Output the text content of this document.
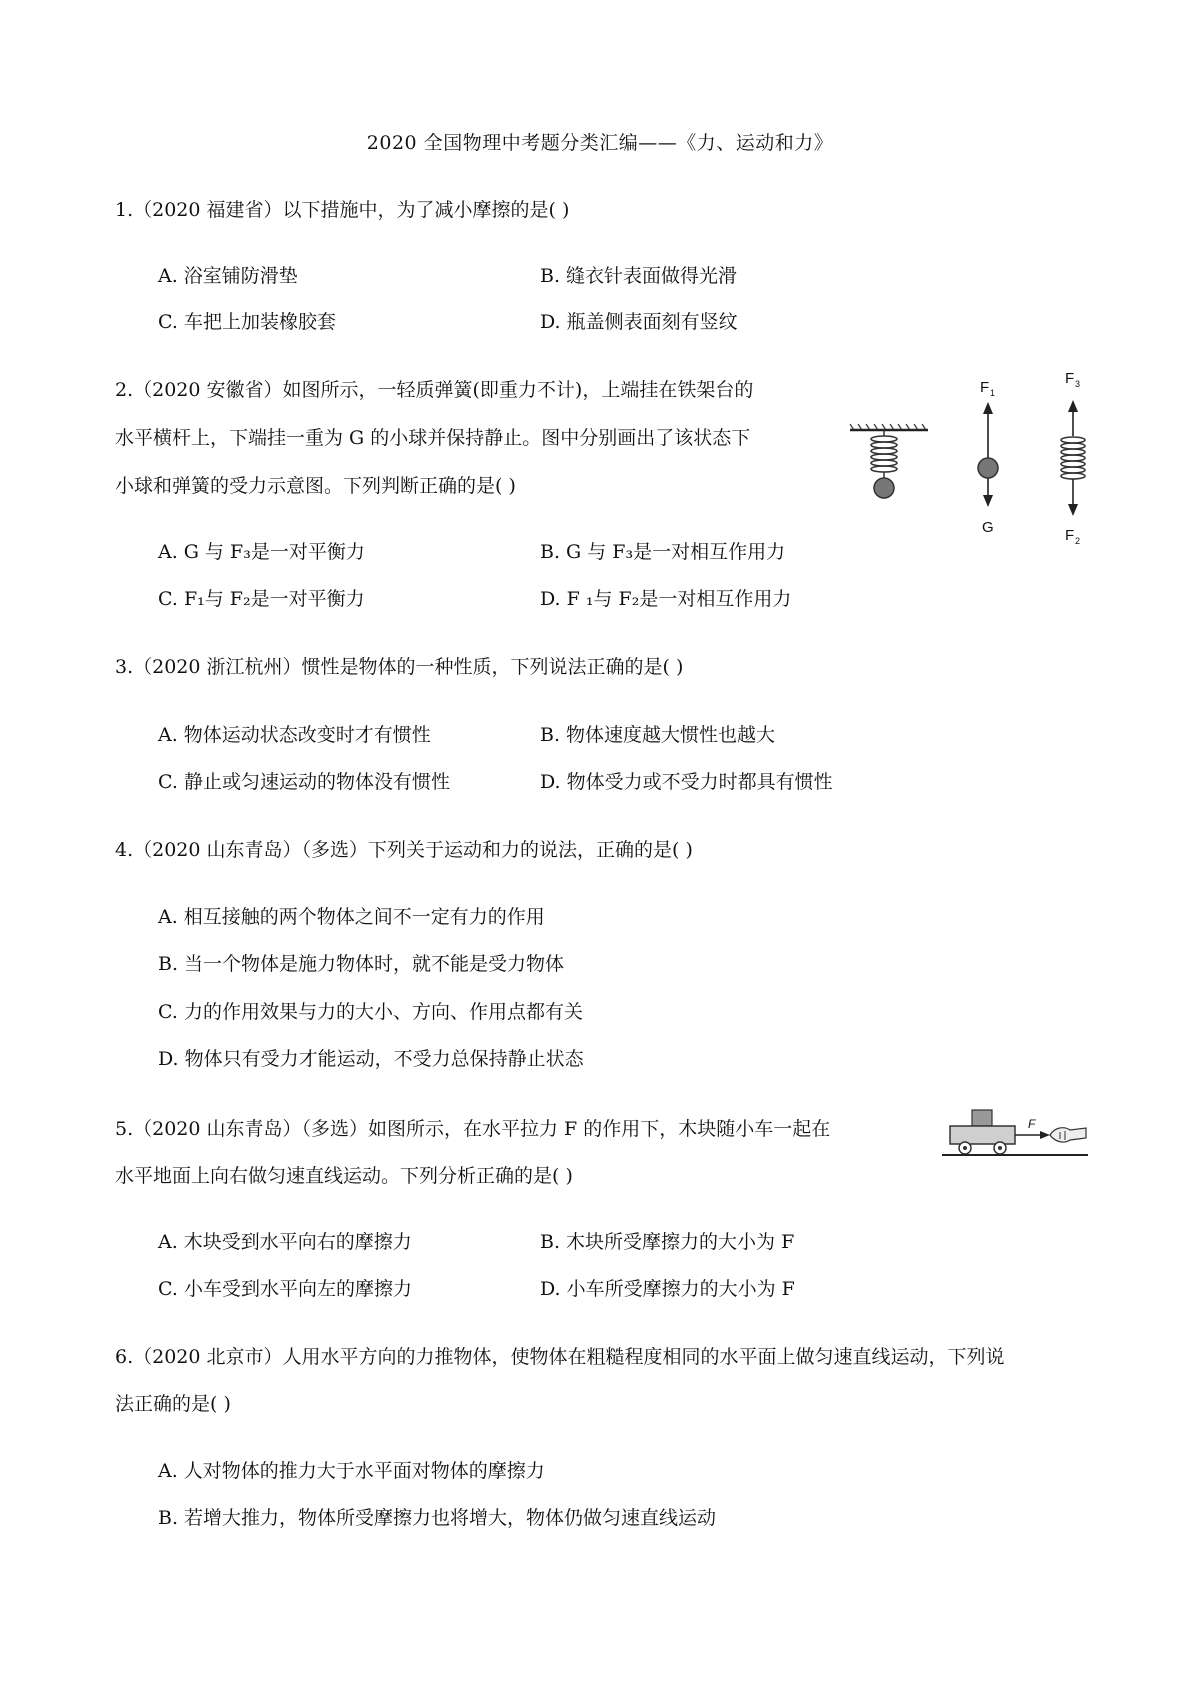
2020 全国物理中考题分类汇编——《力、运动和力》
1.（2020 福建省）以下措施中，为了减小摩擦的是( )
A. 浴室铺防滑垫	B. 缝衣针表面做得光滑
C. 车把上加装橡胶套	D. 瓶盖侧表面刻有竖纹
2.（2020 安徽省）如图所示，一轻质弹簧(即重力不计)，上端挂在铁架台的
水平横杆上，下端挂一重为 G 的小球并保持静止。图中分别画出了该状态下
小球和弹簧的受力示意图。下列判断正确的是( )
F 1
G
F 3
F 2
A. G 与 F₃是一对平衡力	B. G 与 F₃是一对相互作用力
C. F₁与 F₂是一对平衡力	D. F ₁与 F₂是一对相互作用力
3.（2020 浙江杭州）惯性是物体的一种性质，下列说法正确的是( )
A. 物体运动状态改变时才有惯性	B. 物体速度越大惯性也越大
C. 静止或匀速运动的物体没有惯性	D. 物体受力或不受力时都具有惯性
4.（2020 山东青岛）（多选）下列关于运动和力的说法，正确的是( )
A. 相互接触的两个物体之间不一定有力的作用
B. 当一个物体是施力物体时，就不能是受力物体
C. 力的作用效果与力的大小、方向、作用点都有关
D. 物体只有受力才能运动，不受力总保持静止状态
5.（2020 山东青岛）（多选）如图所示，在水平拉力 F 的作用下，木块随小车一起在
水平地面上向右做匀速直线运动。下列分析正确的是( )
F
A. 木块受到水平向右的摩擦力	B. 木块所受摩擦力的大小为 F
C. 小车受到水平向左的摩擦力	D. 小车所受摩擦力的大小为 F
6.（2020 北京市）人用水平方向的力推物体，使物体在粗糙程度相同的水平面上做匀速直线运动，下列说
法正确的是( )
A. 人对物体的推力大于水平面对物体的摩擦力
B. 若增大推力，物体所受摩擦力也将增大，物体仍做匀速直线运动
